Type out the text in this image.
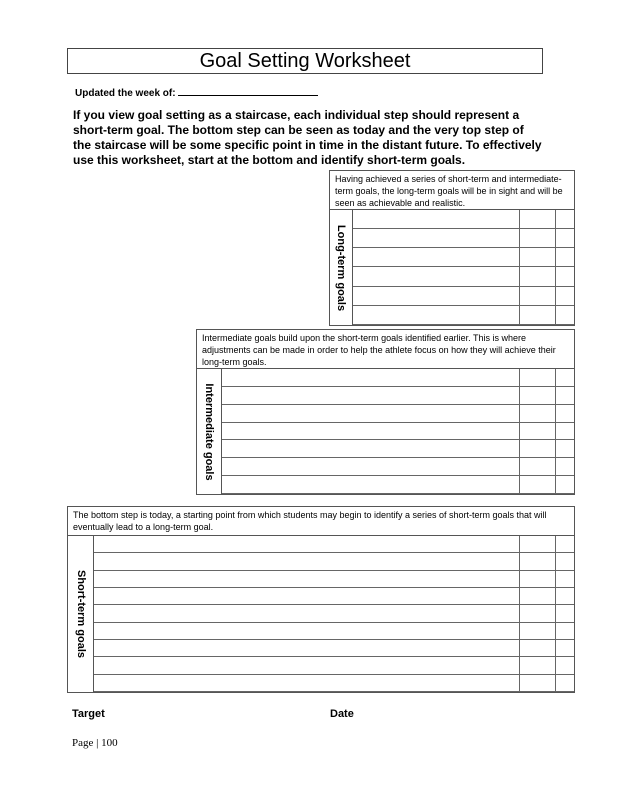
Goal Setting Worksheet
Updated the week of:
If you view goal setting as a staircase, each individual step should represent a short-term goal. The bottom step can be seen as today and the very top step of the staircase will be some specific point in time in the distant future. To effectively use this worksheet, start at the bottom and identify short-term goals.
Having achieved a series of short-term and intermediate-term goals, the long-term goals will be in sight and will be seen as achievable and realistic.
Long-term goals
Intermediate goals build upon the short-term goals identified earlier. This is where adjustments can be made in order to help the athlete focus on how they will achieve their long-term goals.
Intermediate goals
The bottom step is today, a starting point from which students may begin to identify a series of short-term goals that will eventually lead to a long-term goal.
Short-term goals
Target	Date
Page | 100
